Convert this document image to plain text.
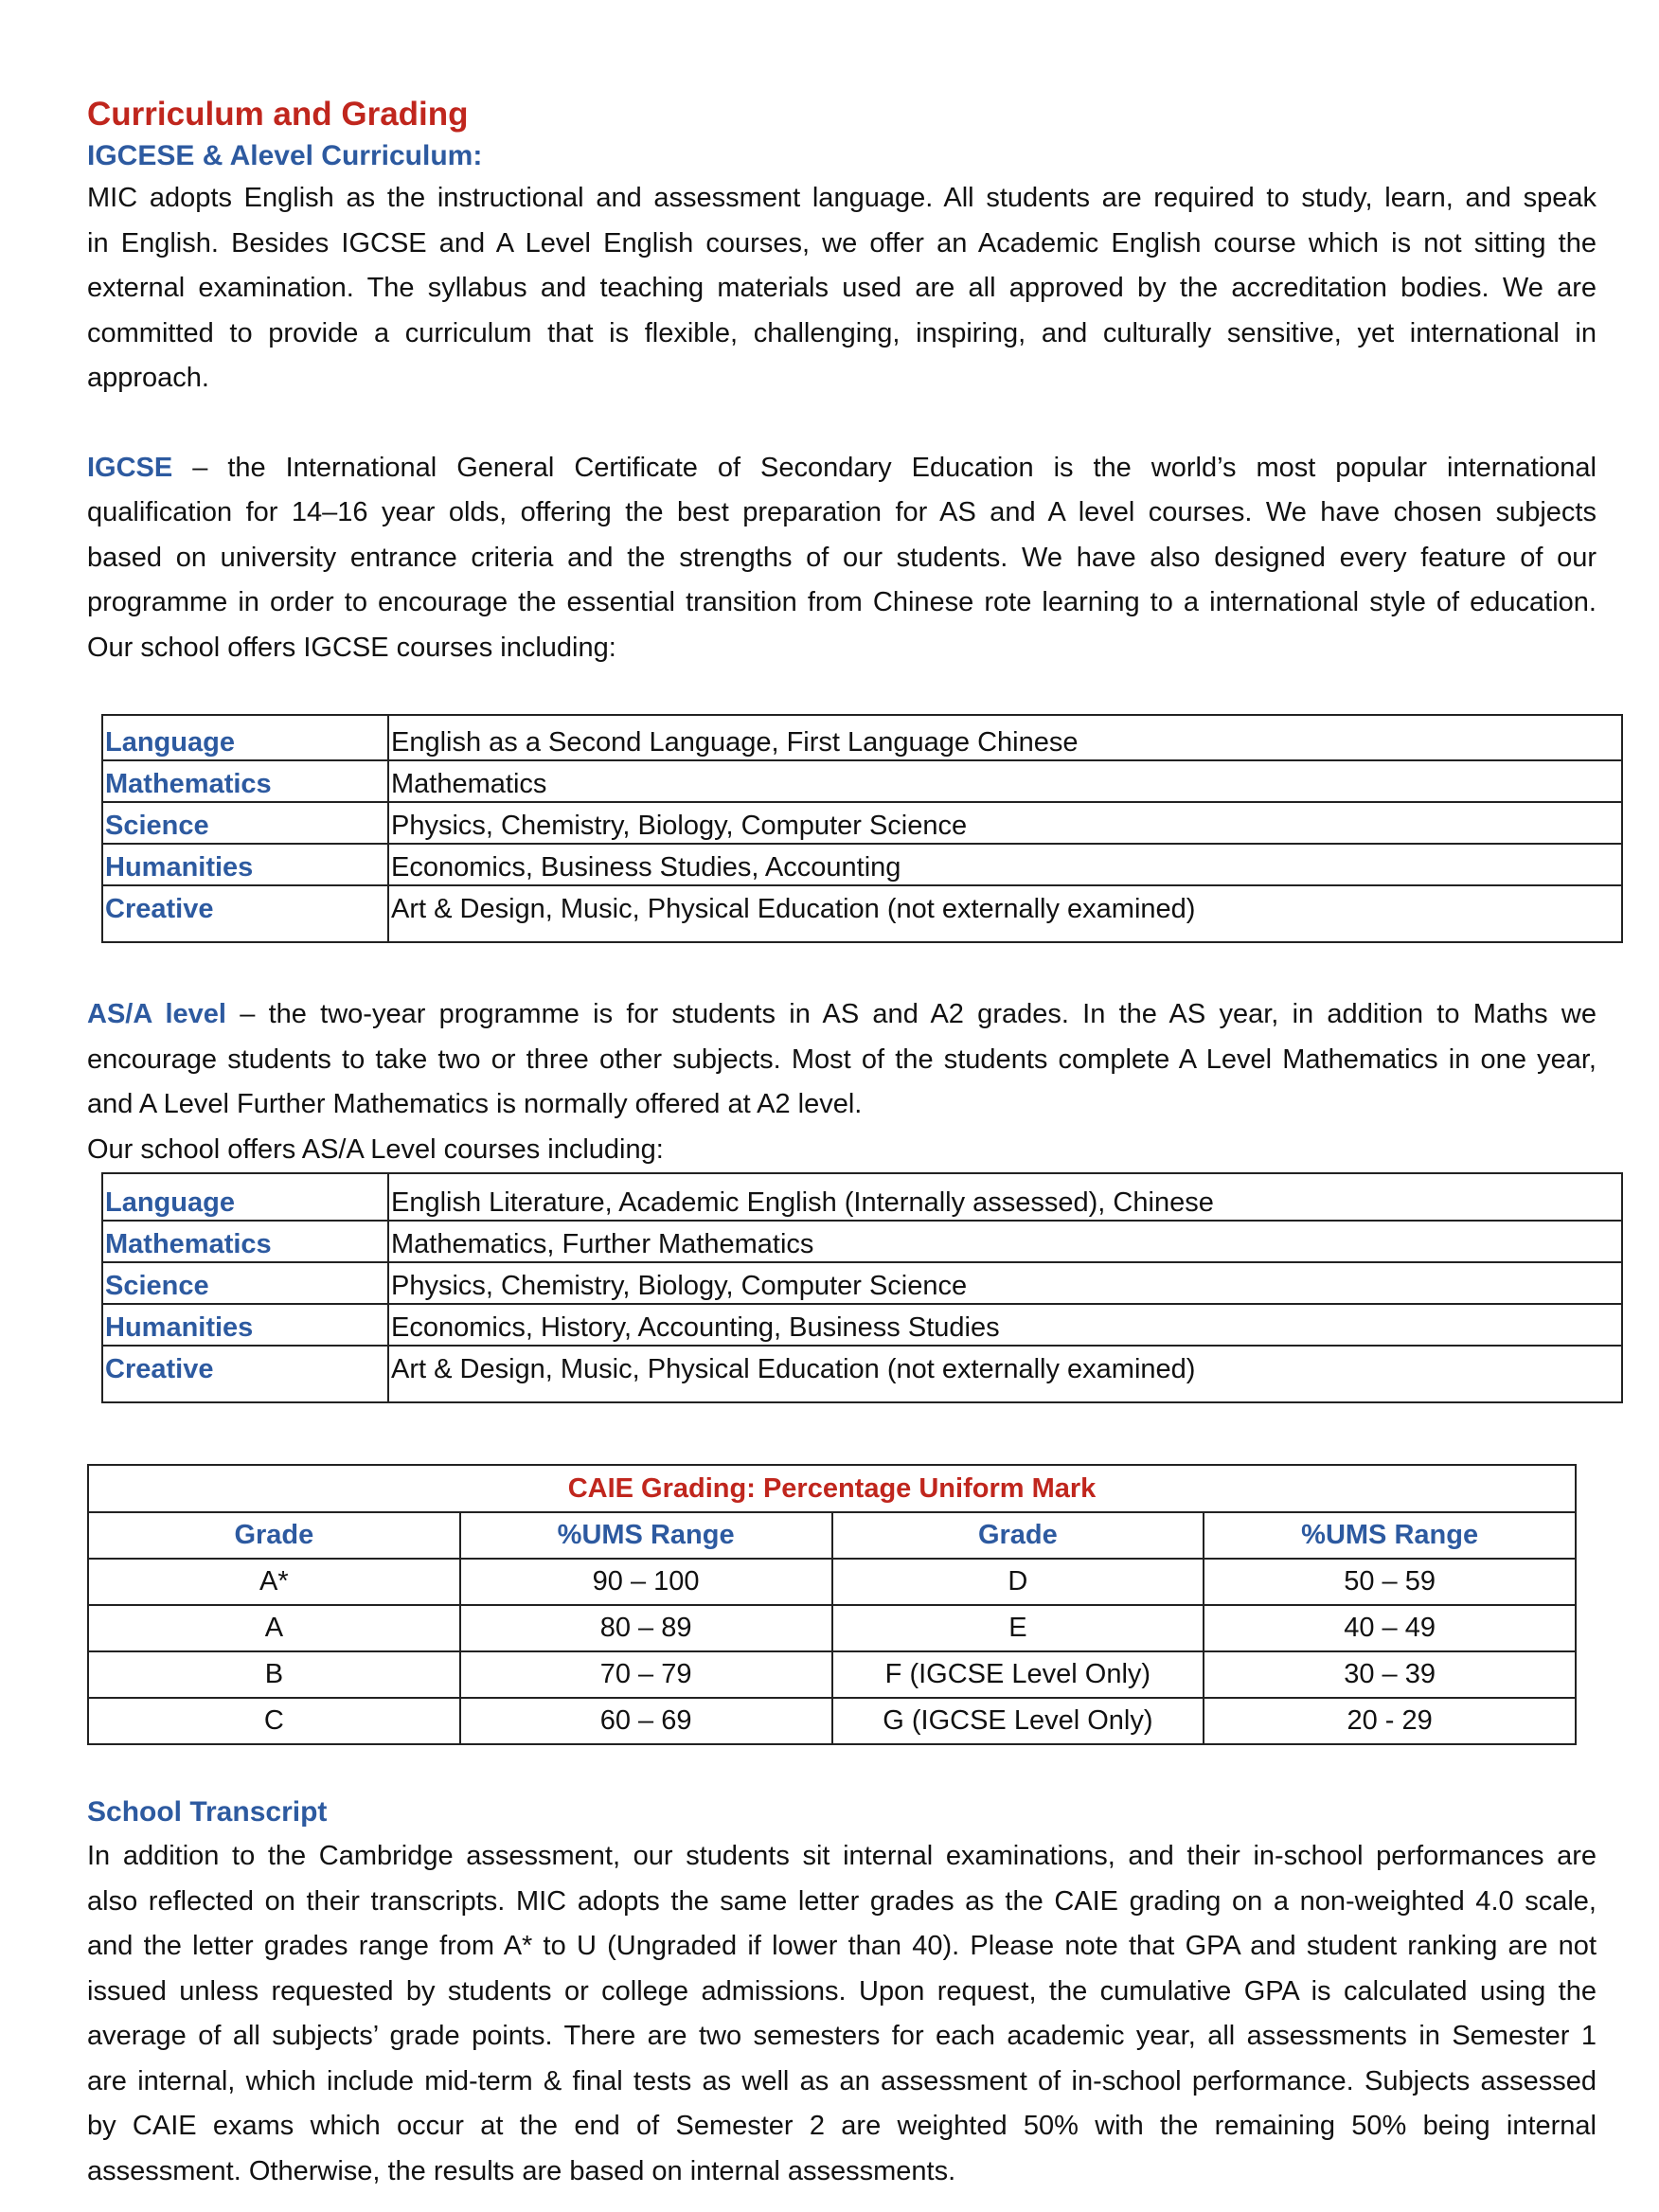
Curriculum and Grading
IGCESE & Alevel Curriculum:
MIC adopts English as the instructional and assessment language. All students are required to study, learn, and speak
in English. Besides IGCSE and A Level English courses, we offer an Academic English course which is not sitting the
external examination. The syllabus and teaching materials used are all approved by the accreditation bodies. We are
committed to provide a curriculum that is flexible, challenging, inspiring, and culturally sensitive, yet international in
approach.
IGCSE – the International General Certificate of Secondary Education is the world’s most popular international
qualification for 14–16 year olds, offering the best preparation for AS and A level courses. We have chosen subjects
based on university entrance criteria and the strengths of our students. We have also designed every feature of our
programme in order to encourage the essential transition from Chinese rote learning to a international style of education.
Our school offers IGCSE courses including:
Language	English as a Second Language, First Language Chinese
Mathematics	Mathematics
Science	Physics, Chemistry, Biology, Computer Science
Humanities	Economics, Business Studies, Accounting
Creative	Art & Design, Music, Physical Education (not externally examined)
AS/A level – the two-year programme is for students in AS and A2 grades. In the AS year, in addition to Maths we
encourage students to take two or three other subjects. Most of the students complete A Level Mathematics in one year,
and A Level Further Mathematics is normally offered at A2 level.
Our school offers AS/A Level courses including:
Language	English Literature, Academic English (Internally assessed), Chinese
Mathematics	Mathematics, Further Mathematics
Science	Physics, Chemistry, Biology, Computer Science
Humanities	Economics, History, Accounting, Business Studies
Creative	Art & Design, Music, Physical Education (not externally examined)
CAIE Grading: Percentage Uniform Mark			
Grade	%UMS Range	Grade	%UMS Range
A*	90 – 100	D	50 – 59
A	80 – 89	E	40 – 49
B	70 – 79	F (IGCSE Level Only)	30 – 39
C	60 – 69	G (IGCSE Level Only)	20 - 29
School Transcript
In addition to the Cambridge assessment, our students sit internal examinations, and their in-school performances are
also reflected on their transcripts. MIC adopts the same letter grades as the CAIE grading on a non-weighted 4.0 scale,
and the letter grades range from A* to U (Ungraded if lower than 40). Please note that GPA and student ranking are not
issued unless requested by students or college admissions. Upon request, the cumulative GPA is calculated using the
average of all subjects’ grade points. There are two semesters for each academic year, all assessments in Semester 1
are internal, which include mid-term & final tests as well as an assessment of in-school performance. Subjects assessed
by CAIE exams which occur at the end of Semester 2 are weighted 50% with the remaining 50% being internal
assessment. Otherwise, the results are based on internal assessments.
